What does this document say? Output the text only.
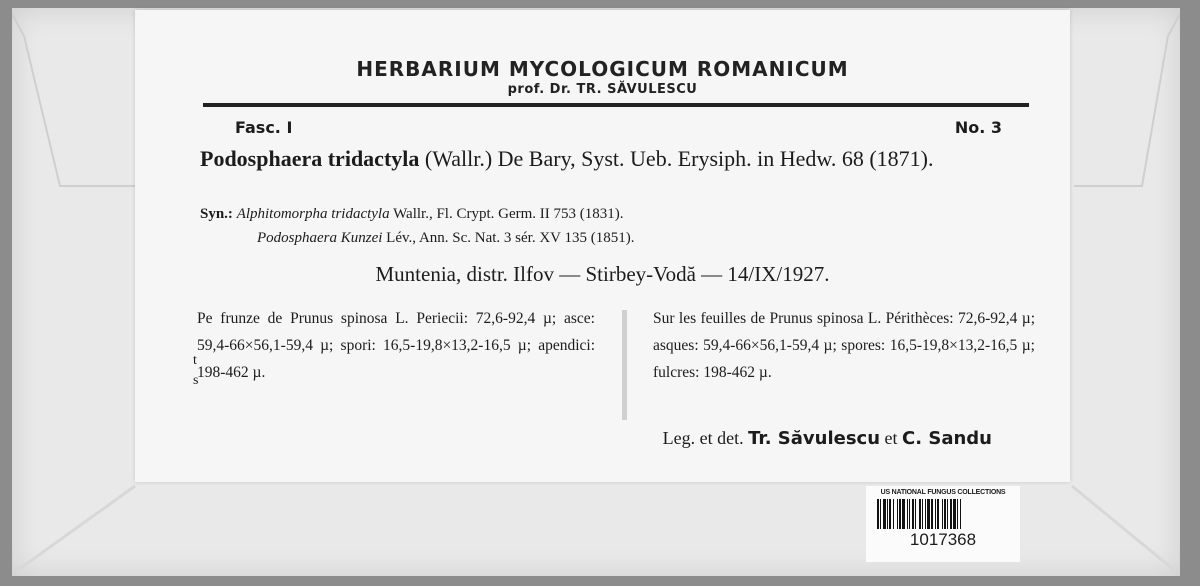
HERBARIUM MYCOLOGICUM ROMANICUM
prof. Dr. TR. SĂVULESCU
Fasc. I	No. 3
Podosphaera tridactyla (Wallr.) De Bary, Syst. Ueb. Erysiph. in Hedw. 68 (1871).
Syn.: Alphitomorpha tridactyla Wallr., Fl. Crypt. Germ. II 753 (1831).
Podosphaera Kunzei Lév., Ann. Sc. Nat. 3 sér. XV 135 (1851).
Muntenia, distr. Ilfov — Stirbey-Vodă — 14/IX/1927.
Pe frunze de Prunus spinosa L. Periecii: 72,6-92,4 µ; asce: 59,4-66×56,1-59,4 µ; spori: 16,5-19,8×13,2-16,5 µ; apendici: 198-462 µ.
Sur les feuilles de Prunus spinosa L. Périthèces: 72,6-92,4 µ; asques: 59,4-66×56,1-59,4 µ; spores: 16,5-19,8×13,2-16,5 µ; fulcres: 198-462 µ.
t
s
Leg. et det. Tr. Săvulescu et C. Sandu
US NATIONAL FUNGUS COLLECTIONS
1017368
